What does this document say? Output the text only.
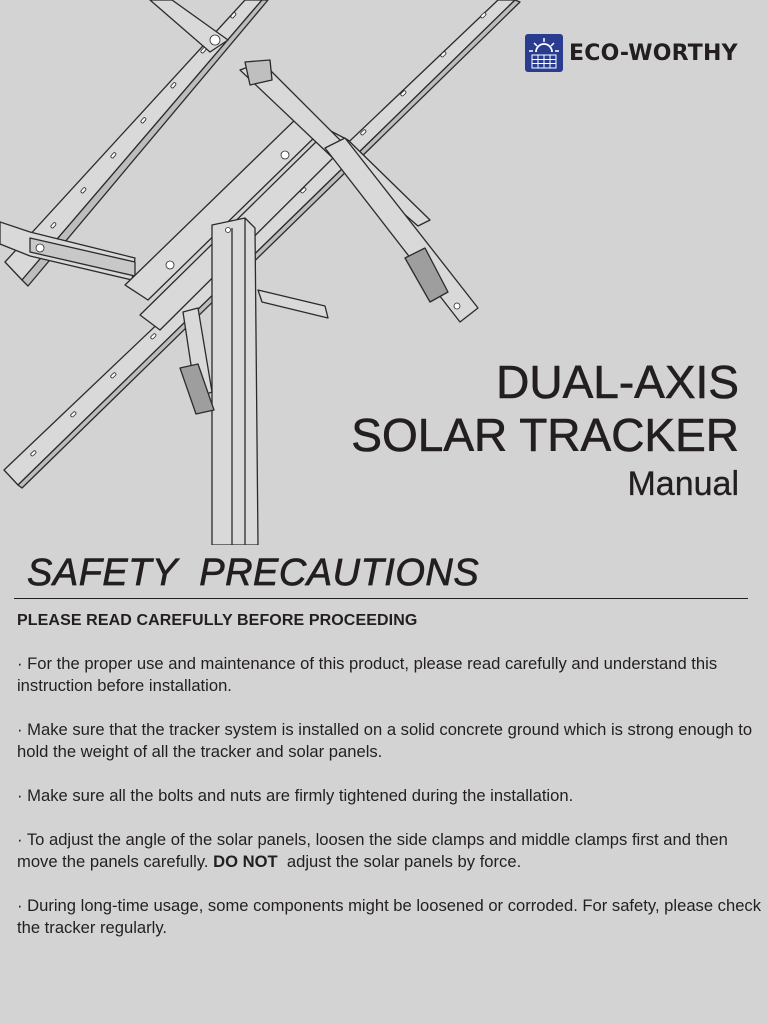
ECO-WORTHY
DUAL-AXIS
SOLAR TRACKER
Manual
SAFETY  PRECAUTIONS
PLEASE READ CAREFULLY BEFORE PROCEEDING

· For the proper use and maintenance of this product, please read carefully and understand this instruction before installation.

· Make sure that the tracker system is installed on a solid concrete ground which is strong enough to hold the weight of all the tracker and solar panels.

· Make sure all the bolts and nuts are firmly tightened during the installation.

· To adjust the angle of the solar panels, loosen the side clamps and middle clamps first and then move the panels carefully. DO NOT  adjust the solar panels by force.

· During long-time usage, some components might be loosened or corroded. For safety, please check the tracker regularly.
